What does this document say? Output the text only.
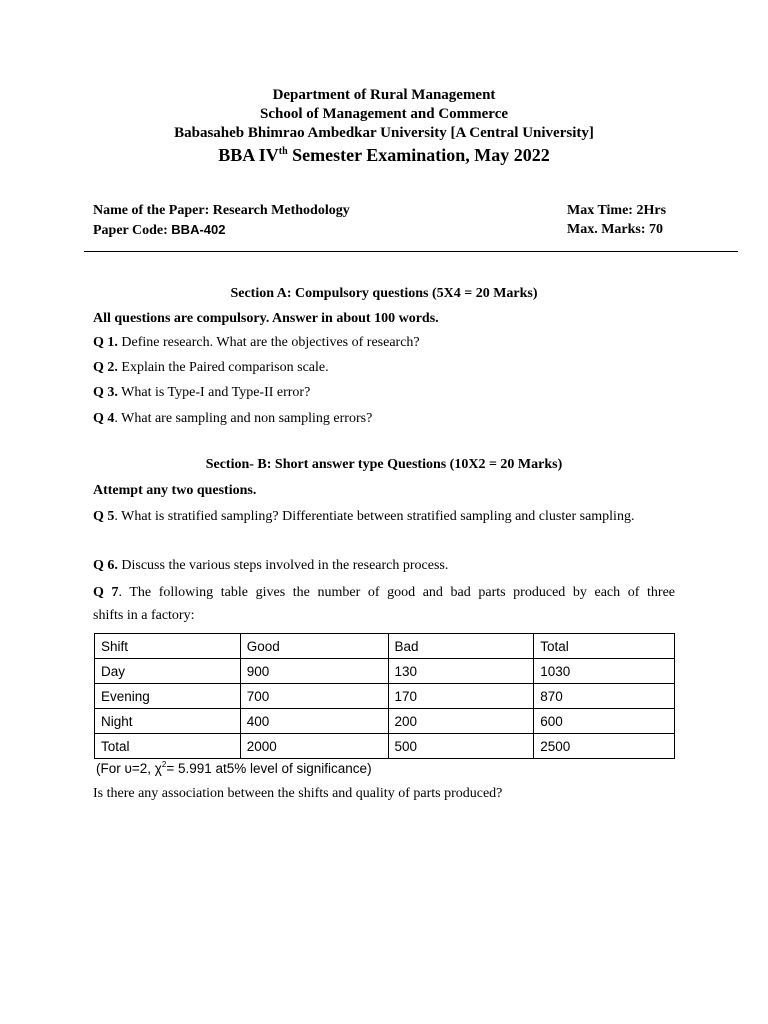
Department of Rural Management
School of Management and Commerce
Babasaheb Bhimrao Ambedkar University [A Central University]
BBA IVth Semester Examination, May 2022
Name of the Paper: Research Methodology
Paper Code: BBA-402
Max Time: 2Hrs
Max. Marks: 70
Section A: Compulsory questions (5X4 = 20 Marks)
All questions are compulsory. Answer in about 100 words.
Q 1. Define research. What are the objectives of research?
Q 2. Explain the Paired comparison scale.
Q 3. What is Type-I and Type-II error?
Q 4. What are sampling and non sampling errors?
Section- B: Short answer type Questions (10X2 = 20 Marks)
Attempt any two questions.
Q 5. What is stratified sampling? Differentiate between stratified sampling and cluster sampling.
Q 6. Discuss the various steps involved in the research process.
Q 7. The following table gives the number of good and bad parts produced by each of three
shifts in a factory:
Shift	Good	Bad	Total
Day	900	130	1030
Evening	700	170	870
Night	400	200	600
Total	2000	500	2500
(For υ=2, $\chi^2= 5.991$ at5% level of significance)
Is there any association between the shifts and quality of parts produced?
